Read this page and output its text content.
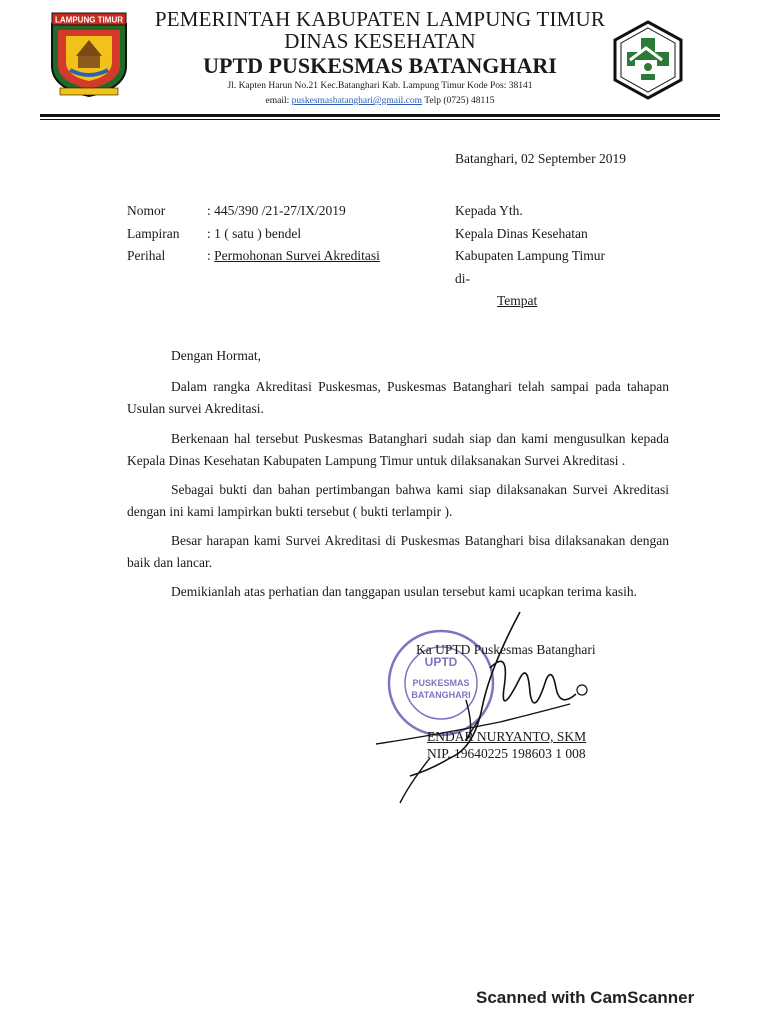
LAMPUNG TIMUR	PEMERINTAH KABUPATEN LAMPUNG TIMUR
DINAS KESEHATAN
UPTD PUSKESMAS BATANGHARI
Jl. Kapten Harun No.21 Kec.Batanghari Kab. Lampung Timur Kode Pos: 38141
email: puskesmasbatanghari@gmail.com Telp (0725) 48115
Batanghari, 02 September 2019
Nomor	: 445/390 /21-27/IX/2019
Lampiran : 1 ( satu ) bendel
Perihal	: Permohonan Survei Akreditasi
Kepada Yth.
Kepala Dinas Kesehatan
Kabupaten Lampung Timur
di-
Tempat
Dengan Hormat,
Dalam rangka Akreditasi Puskesmas, Puskesmas Batanghari telah sampai pada tahapan Usulan survei Akreditasi.
Berkenaan hal tersebut Puskesmas Batanghari sudah siap dan kami mengusulkan kepada Kepala Dinas Kesehatan Kabupaten Lampung Timur untuk dilaksanakan Survei Akreditasi .
Sebagai bukti dan bahan pertimbangan bahwa kami siap dilaksanakan Survei Akreditasi dengan ini kami lampirkan bukti tersebut ( bukti terlampir ).
Besar harapan kami Survei Akreditasi di Puskesmas Batanghari bisa dilaksanakan dengan baik dan lancar.
Demikianlah atas perhatian dan tanggapan usulan tersebut kami ucapkan terima kasih.
UPTD
PUSKESMAS
BATANGHARI
Ka UPTD Puskesmas Batanghari
ENDAR NURYANTO, SKM
NIP. 19640225 198603 1 008
Scanned with CamScanner
